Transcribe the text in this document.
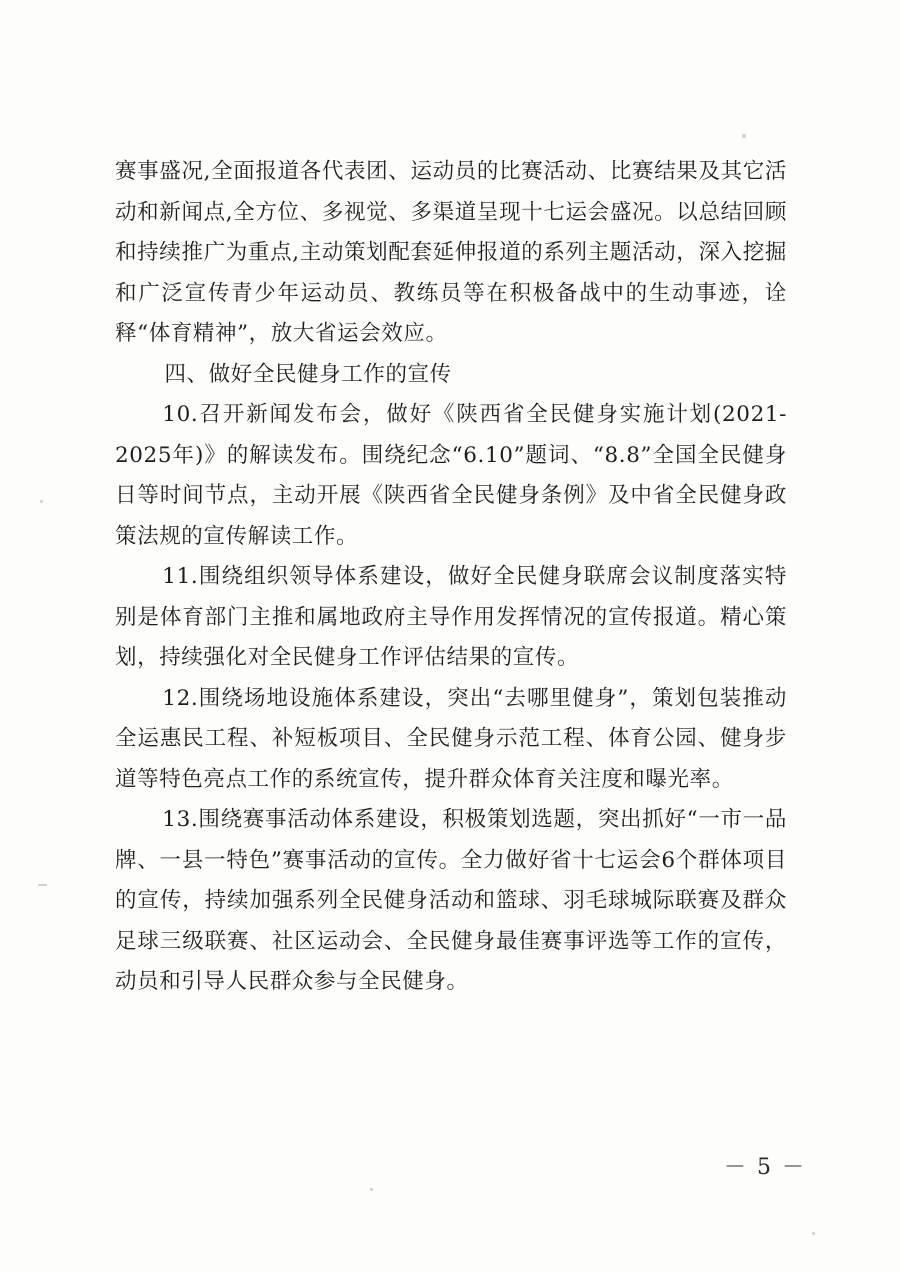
赛事盛况,全面报道各代表团、运动员的比赛活动、比赛结果及其它活动和新闻点,全方位、多视觉、多渠道呈现十七运会盛况。以总结回顾和持续推广为重点,主动策划配套延伸报道的系列主题活动，深入挖掘和广泛宣传青少年运动员、教练员等在积极备战中的生动事迹，诠释“体育精神”，放大省运会效应。

四、做好全民健身工作的宣传

10.召开新闻发布会，做好《陕西省全民健身实施计划(2021-2025年)》的解读发布。围绕纪念“6.10”题词、“8.8”全国全民健身日等时间节点，主动开展《陕西省全民健身条例》及中省全民健身政策法规的宣传解读工作。

11.围绕组织领导体系建设，做好全民健身联席会议制度落实特别是体育部门主推和属地政府主导作用发挥情况的宣传报道。精心策划，持续强化对全民健身工作评估结果的宣传。

12.围绕场地设施体系建设，突出“去哪里健身”，策划包装推动全运惠民工程、补短板项目、全民健身示范工程、体育公园、健身步道等特色亮点工作的系统宣传，提升群众体育关注度和曝光率。

13.围绕赛事活动体系建设，积极策划选题，突出抓好“一市一品牌、一县一特色”赛事活动的宣传。全力做好省十七运会6个群体项目的宣传，持续加强系列全民健身活动和篮球、羽毛球城际联赛及群众足球三级联赛、社区运动会、全民健身最佳赛事评选等工作的宣传，动员和引导人民群众参与全民健身。

－ 5 －
